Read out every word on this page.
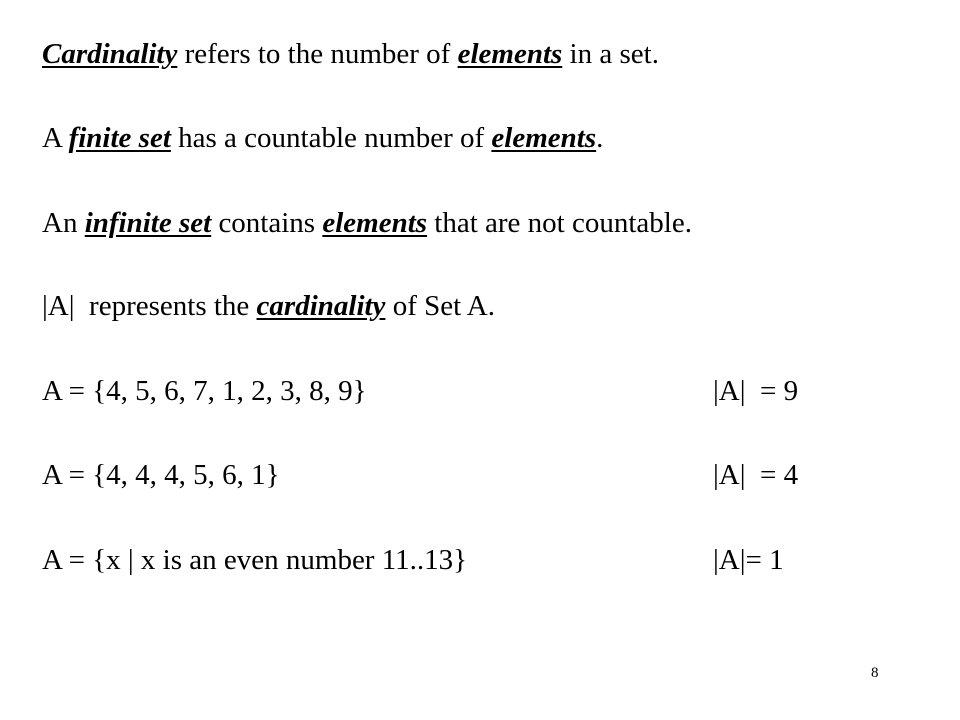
Cardinality refers to the number of elements in a set.
A finite set has a countable number of elements.
An infinite set contains elements that are not countable.
|A|  represents the cardinality of Set A.
A = {4, 5, 6, 7, 1, 2, 3, 8, 9}	|A|  = 9
A = {4, 4, 4, 5, 6, 1}	|A|  = 4
A = {x | x is an even number 11..13}	|A|= 1
8
